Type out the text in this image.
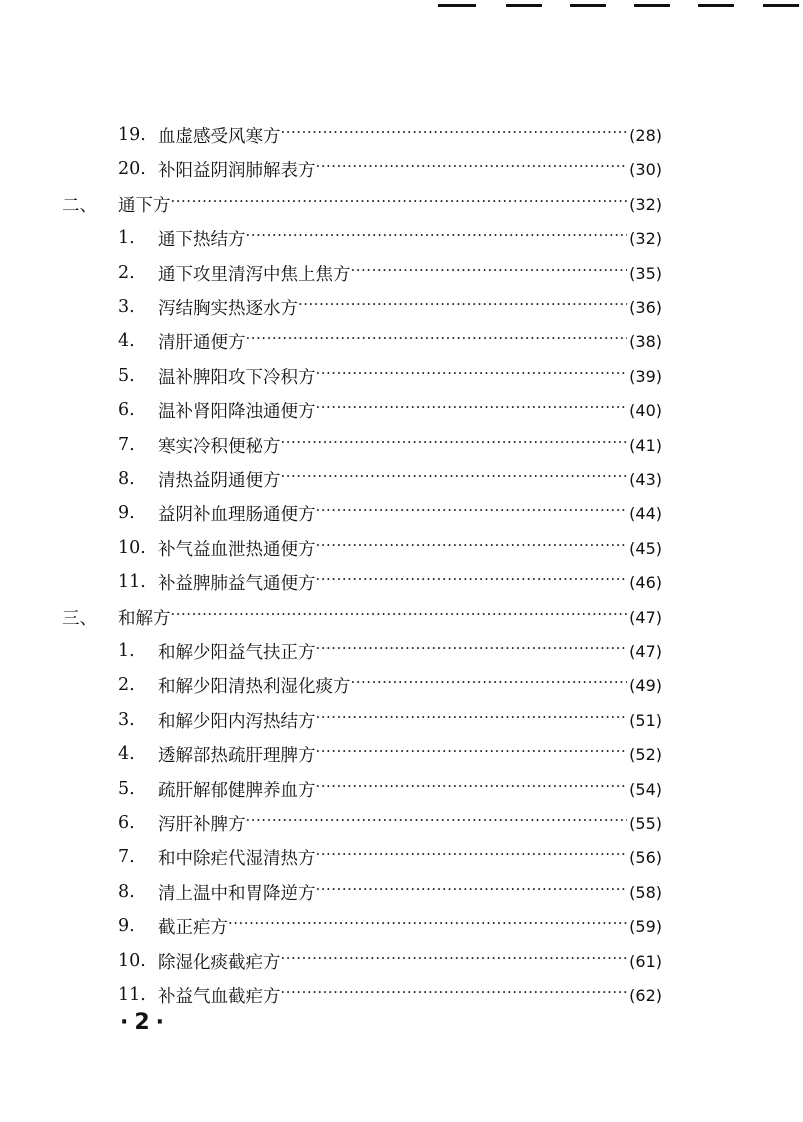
19. 血虚感受风寒方 ·····	(28)
20. 补阳益阴润肺解表方 ·····	(30)
二、	通下方 ·····	(32)
1.	通下热结方 ·····	(32)
2.	通下攻里清泻中焦上焦方 ·····	(35)
3.	泻结胸实热逐水方 ·····	(36)
4.	清肝通便方 ·····	(38)
5.	温补脾阳攻下冷积方 ·····	(39)
6.	温补肾阳降浊通便方 ·····	(40)
7.	寒实冷积便秘方 ·····	(41)
8.	清热益阴通便方 ·····	(43)
9.	益阴补血理肠通便方 ·····	(44)
10. 补气益血泄热通便方 ·····	(45)
11. 补益脾肺益气通便方 ·····	(46)
三、	和解方 ·····	(47)
1.	和解少阳益气扶正方 ·····	(47)
2.	和解少阳清热利湿化痰方 ·····	(49)
3.	和解少阳内泻热结方 ·····	(51)
4.	透解部热疏肝理脾方 ·····	(52)
5.	疏肝解郁健脾养血方 ·····	(54)
6.	泻肝补脾方 ·····	(55)
7.	和中除疟代湿清热方 ·····	(56)
8.	清上温中和胃降逆方 ·····	(58)
9.	截正疟方 ·····	(59)
10. 除湿化痰截疟方 ·····	(61)
11. 补益气血截疟方 ·····	(62)
·2·
